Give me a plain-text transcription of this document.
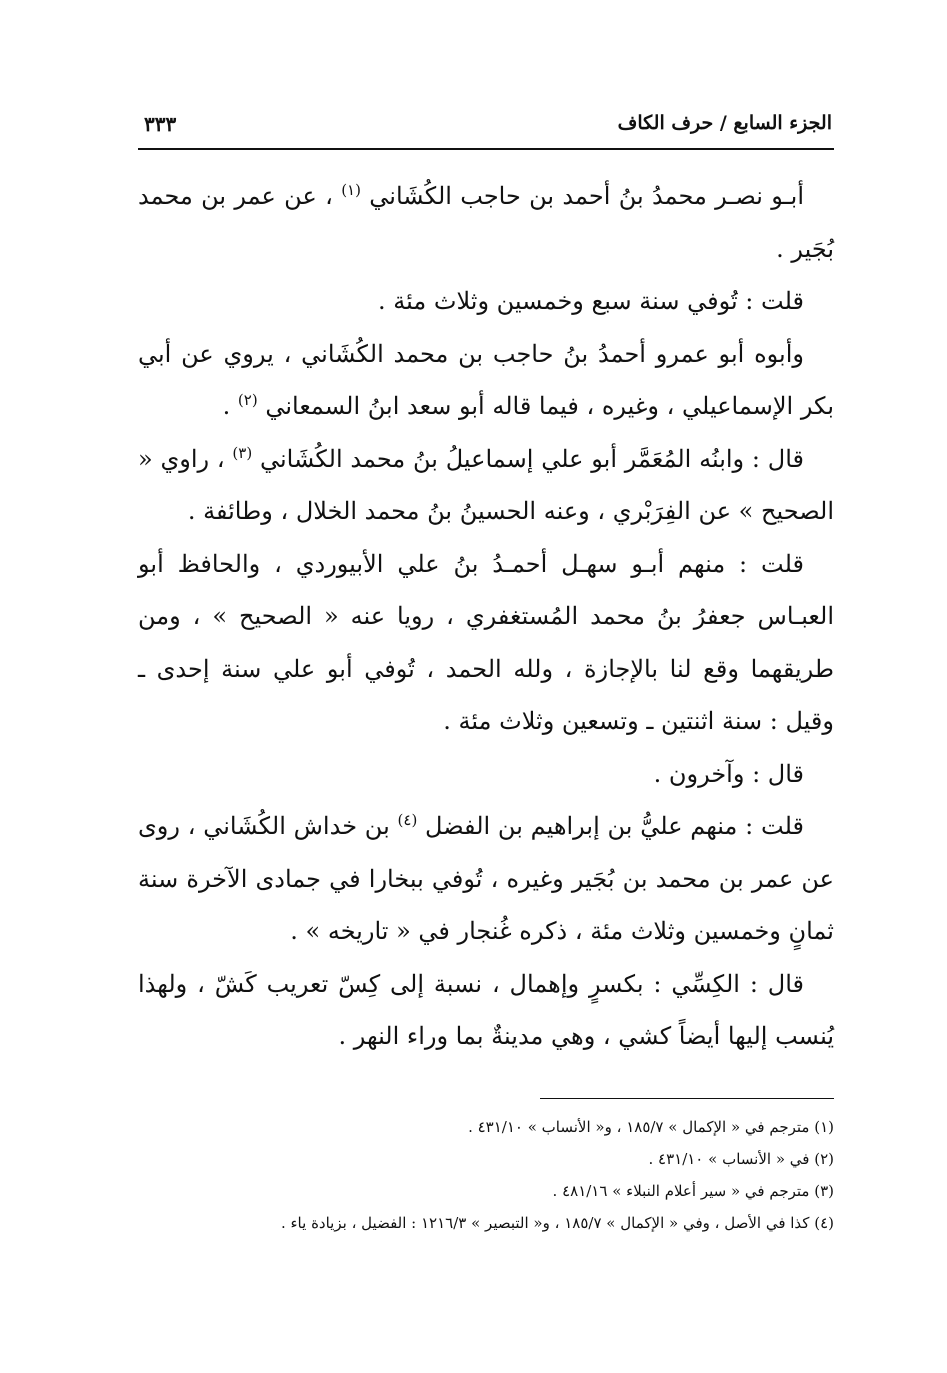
الجزء السابع / حرف الكاف
٣٣٣

أبـو نصـر محمدُ بنُ أحمد بن حاجب الكُشَاني $^{(١)}$ ، عن عمر بن محمد بُجَير .

قلت : تُوفي سنة سبع وخمسين وثلاث مئة .

وأبوه أبو عمرو أحمدُ بنُ حاجب بن محمد الكُشَاني ، يروي عن أبي بكر الإسماعيلي ، وغيره ، فيما قاله أبو سعد ابنُ السمعاني $^{(٢)}$ .

قال : وابنُه المُعَمَّر أبو علي إسماعيلُ بنُ محمد الكُشَاني $^{(٣)}$ ، راوي « الصحيح » عن الفِرَبْري ، وعنه الحسينُ بنُ محمد الخلال ، وطائفة .

قلت : منهم أبـو سهـل أحمـدُ بنُ علي الأبيوردي ، والحافظ أبو العبـاس جعفرُ بنُ محمد المُستغفري ، رويا عنه « الصحيح » ، ومن طريقهما وقع لنا بالإجازة ، ولله الحمد ، تُوفي أبو علي سنة إحدى ـ وقيل : سنة اثنتين ـ وتسعين وثلاث مئة .

قال : وآخرون .

قلت : منهم عليُّ بن إبراهيم بن الفضل $^{(٤)}$ بن خداش الكُشَاني ، روى عن عمر بن محمد بن بُجَير وغيره ، تُوفي ببخارا في جمادى الآخرة سنة ثمانٍ وخمسين وثلاث مئة ، ذكره غُنجار في « تاريخه » .

قال : الكِسِّي : بكسرٍ وإهمال ، نسبة إلى كِسّ تعريب كَشّ ، ولهذا يُنسب إليها أيضاً كشي ، وهي مدينةٌ بما وراء النهر .

(١) مترجم في « الإكمال » ١٨٥/٧ ، و« الأنساب » ٤٣١/١٠ .

(٢) في « الأنساب » ٤٣١/١٠ .

(٣) مترجم في « سير أعلام النبلاء » ٤٨١/١٦ .

(٤) كذا في الأصل ، وفي « الإكمال » ١٨٥/٧ ، و« التبصير » ١٢١٦/٣ : الفضيل ، بزيادة ياء .
